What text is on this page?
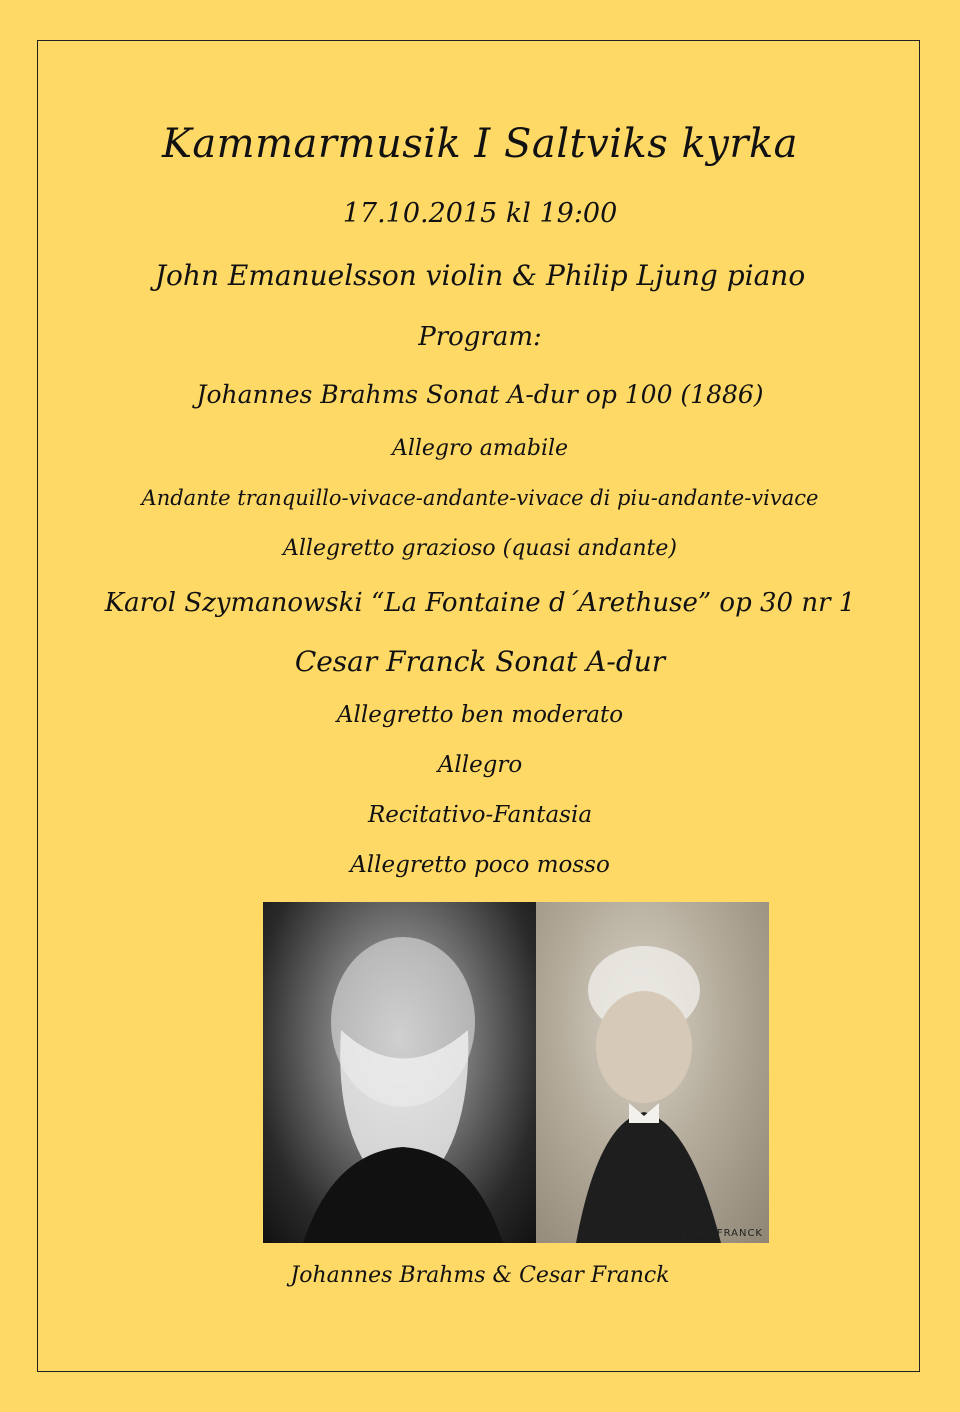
Kammarmusik I Saltviks kyrka
17.10.2015 kl 19:00
John Emanuelsson violin & Philip Ljung piano
Program:
Johannes Brahms Sonat A-dur op 100 (1886)
Allegro amabile
Andante tranquillo-vivace-andante-vivace di piu-andante-vivace
Allegretto grazioso (quasi andante)
Karol Szymanowski “La Fontaine d´Arethuse” op 30 nr 1
Cesar Franck Sonat A-dur
Allegretto ben moderato
Allegro
Recitativo-Fantasia
Allegretto poco mosso
CÉSAR FRANCK
Johannes Brahms & Cesar Franck
